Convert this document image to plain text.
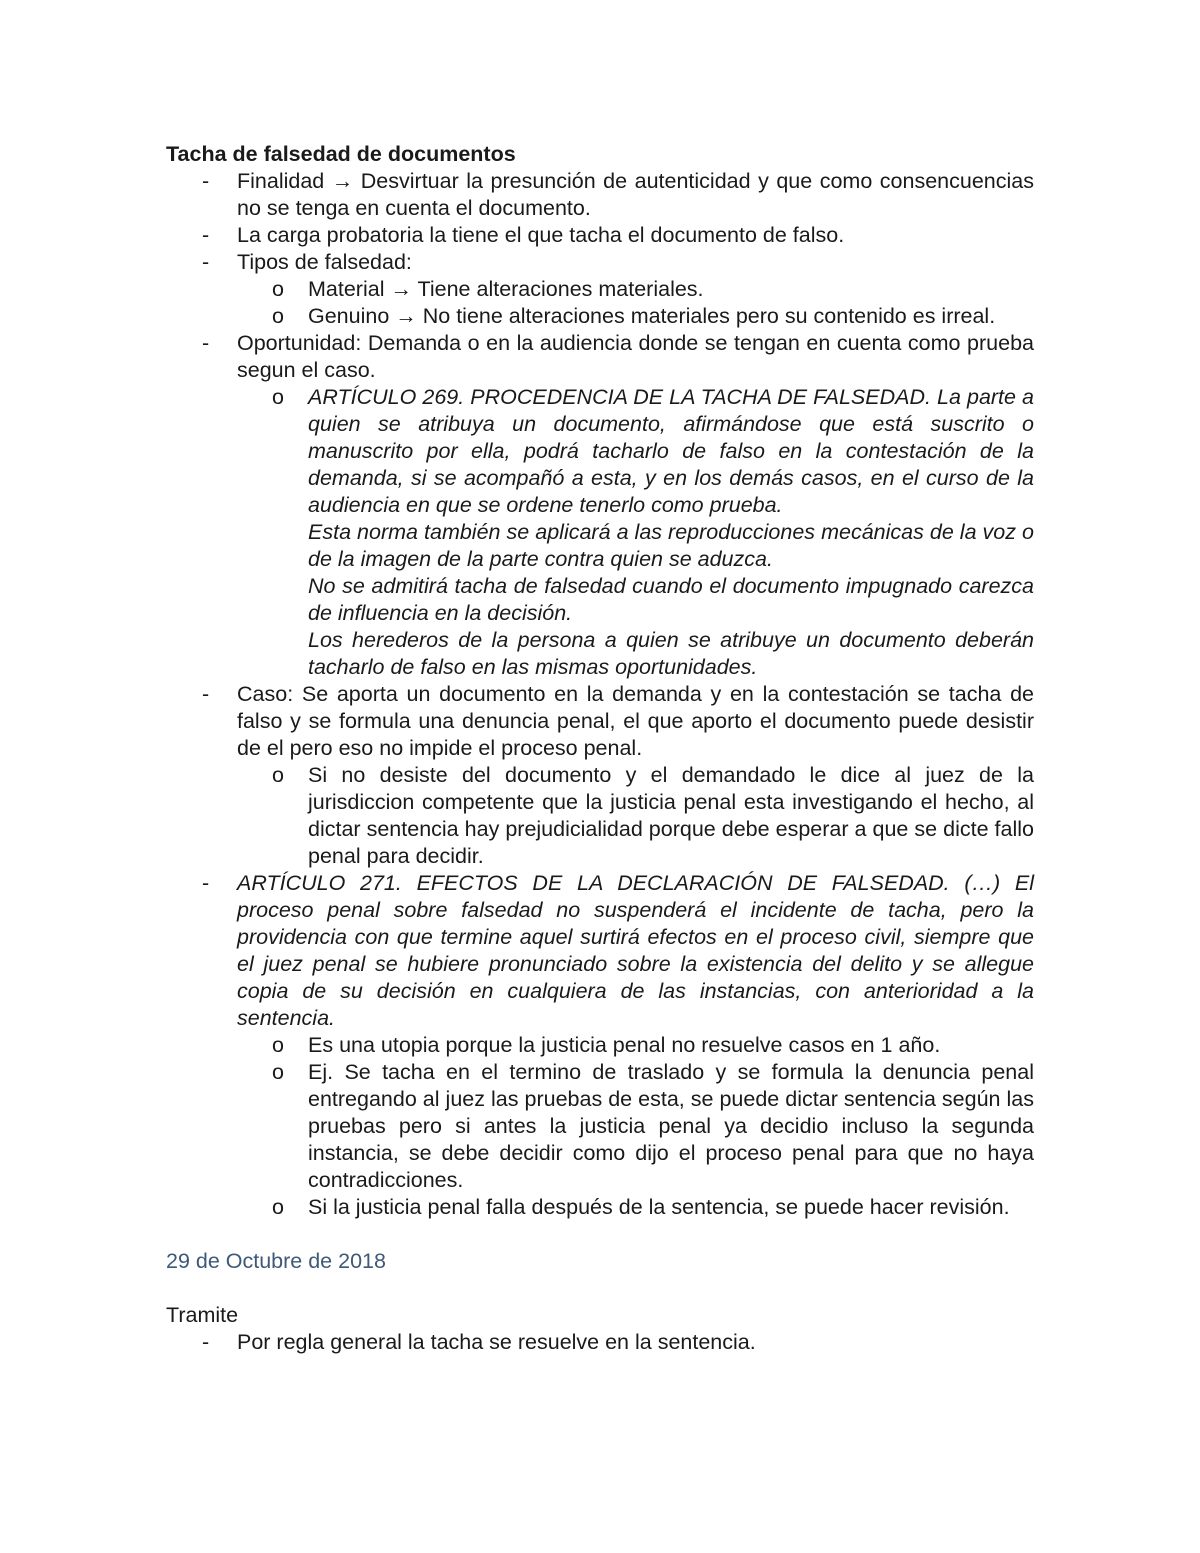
Tacha de falsedad de documentos
- Finalidad → Desvirtuar la presunción de autenticidad y que como consencuencias no se tenga en cuenta el documento.
- La carga probatoria la tiene el que tacha el documento de falso.
- Tipos de falsedad:
o Material → Tiene alteraciones materiales.
o Genuino → No tiene alteraciones materiales pero su contenido es irreal.
- Oportunidad: Demanda o en la audiencia donde se tengan en cuenta como prueba segun el caso.
o ARTÍCULO 269. PROCEDENCIA DE LA TACHA DE FALSEDAD. La parte a quien se atribuya un documento, afirmándose que está suscrito o manuscrito por ella, podrá tacharlo de falso en la contestación de la demanda, si se acompañó a esta, y en los demás casos, en el curso de la audiencia en que se ordene tenerlo como prueba.
Esta norma también se aplicará a las reproducciones mecánicas de la voz o de la imagen de la parte contra quien se aduzca.
No se admitirá tacha de falsedad cuando el documento impugnado carezca de influencia en la decisión.
Los herederos de la persona a quien se atribuye un documento deberán tacharlo de falso en las mismas oportunidades.
- Caso: Se aporta un documento en la demanda y en la contestación se tacha de falso y se formula una denuncia penal, el que aporto el documento puede desistir de el pero eso no impide el proceso penal.
o Si no desiste del documento y el demandado le dice al juez de la jurisdiccion competente que la justicia penal esta investigando el hecho, al dictar sentencia hay prejudicialidad porque debe esperar a que se dicte fallo penal para decidir.
- ARTÍCULO 271. EFECTOS DE LA DECLARACIÓN DE FALSEDAD. (…) El proceso penal sobre falsedad no suspenderá el incidente de tacha, pero la providencia con que termine aquel surtirá efectos en el proceso civil, siempre que el juez penal se hubiere pronunciado sobre la existencia del delito y se allegue copia de su decisión en cualquiera de las instancias, con anterioridad a la sentencia.
o Es una utopia porque la justicia penal no resuelve casos en 1 año.
o Ej. Se tacha en el termino de traslado y se formula la denuncia penal entregando al juez las pruebas de esta, se puede dictar sentencia según las pruebas pero si antes la justicia penal ya decidio incluso la segunda instancia, se debe decidir como dijo el proceso penal para que no haya contradicciones.
o Si la justicia penal falla después de la sentencia, se puede hacer revisión.
29 de Octubre de 2018
Tramite
- Por regla general la tacha se resuelve en la sentencia.
